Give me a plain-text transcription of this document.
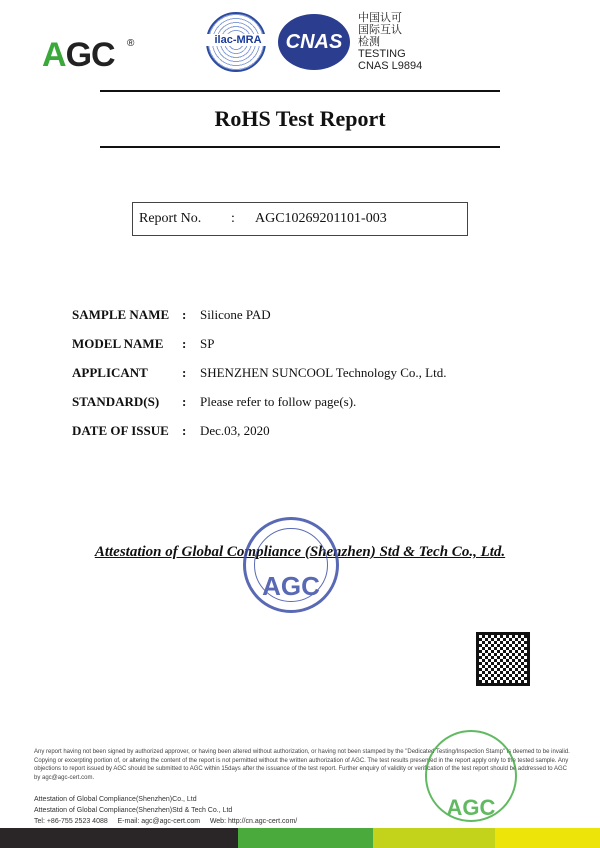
AGC ®	ilac-MRA	CNAS
中国认可
国际互认
检测
TESTING
CNAS L9894
RoHS Test Report
Report No. : AGC10269201101-003
SAMPLE NAME : Silicone PAD
MODEL NAME : SP
APPLICANT	: SHENZHEN SUNCOOL Technology Co., Ltd.
STANDARD(S) : Please refer to follow page(s).
DATE OF ISSUE : Dec.03, 2020
Attestation of Global Compliance (Shenzhen) Std & Tech Co., Ltd.
AGC
Any report having not been signed by authorized approver, or having been altered without authorization, or having not been stamped by the "Dedicated Testing/Inspection Stamp" is deemed to be invalid. Copying or excerpting portion of, or altering the content of the report is not permitted without the written authorization of AGC. The test results presented in the report apply only to the tested sample. Any objections to report issued by AGC should be submitted to AGC within 15days after the issuance of the test report. Further enquiry of validity or verification of the test report should be addressed to AGC by agc@agc-cert.com.
Attestation of Global Compliance(Shenzhen)Co., Ltd
Attestation of Global Compliance(Shenzhen)Std & Tech Co., Ltd
Tel: +86-755 2523 4088 E-mail: agc@agc-cert.com Web: http://cn.agc-cert.com/
AGC
